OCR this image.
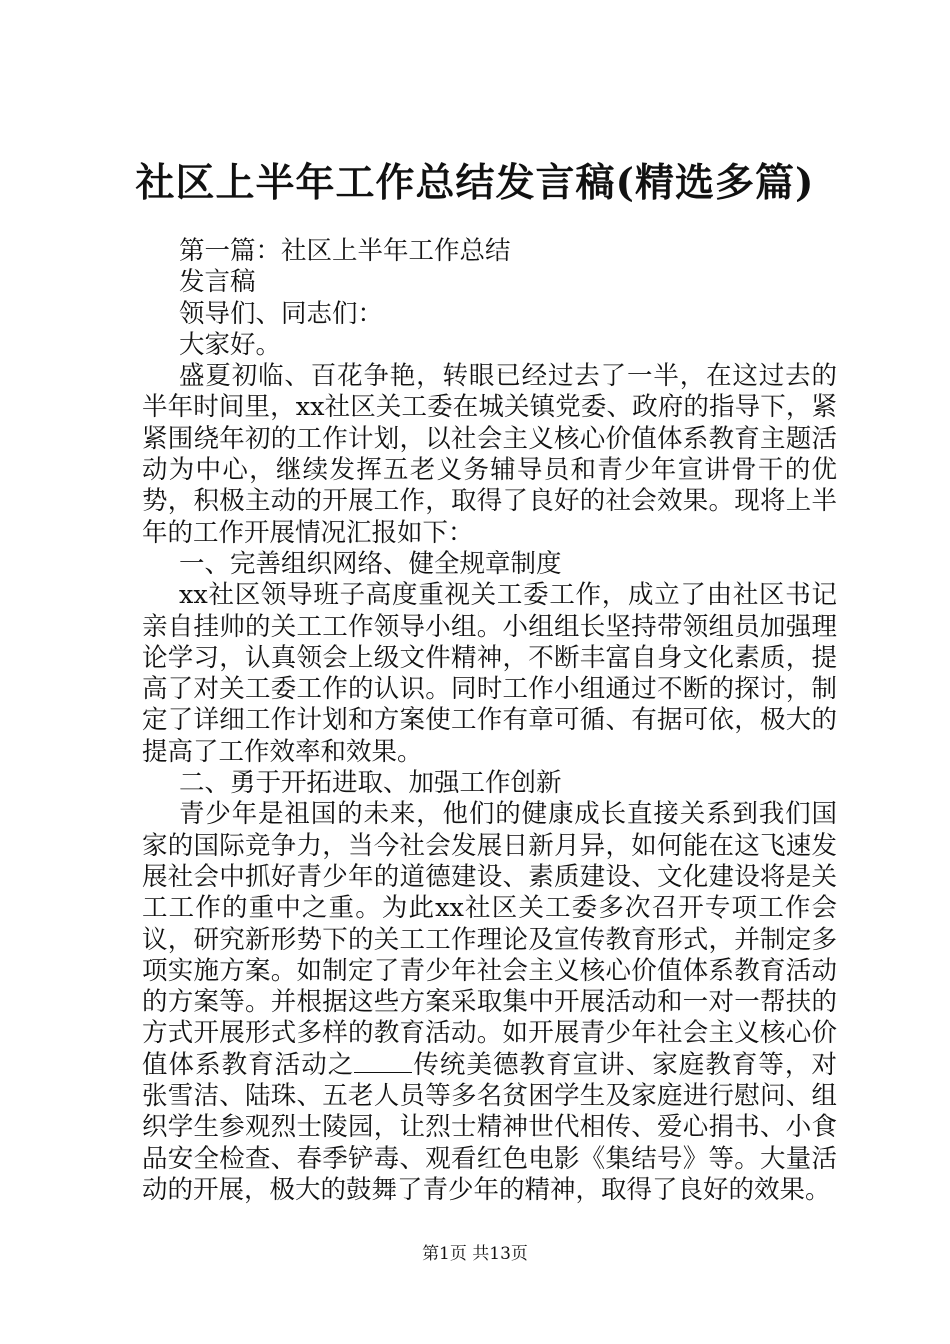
社区上半年工作总结发言稿(精选多篇)

第一篇：社区上半年工作总结

发言稿

领导们、同志们：

大家好。

盛夏初临、百花争艳，转眼已经过去了一半，在这过去的半年时间里，xx社区关工委在城关镇党委、政府的指导下，紧紧围绕年初的工作计划，以社会主义核心价值体系教育主题活动为中心，继续发挥五老义务辅导员和青少年宣讲骨干的优势，积极主动的开展工作，取得了良好的社会效果。现将上半年的工作开展情况汇报如下：

一、完善组织网络、健全规章制度

xx社区领导班子高度重视关工委工作，成立了由社区书记亲自挂帅的关工工作领导小组。小组组长坚持带领组员加强理论学习，认真领会上级文件精神，不断丰富自身文化素质，提高了对关工委工作的认识。同时工作小组通过不断的探讨，制定了详细工作计划和方案使工作有章可循、有据可依，极大的提高了工作效率和效果。

二、勇于开拓进取、加强工作创新

青少年是祖国的未来，他们的健康成长直接关系到我们国家的国际竞争力，当今社会发展日新月异，如何能在这飞速发展社会中抓好青少年的道德建设、素质建设、文化建设将是关工工作的重中之重。为此xx社区关工委多次召开专项工作会议，研究新形势下的关工工作理论及宣传教育形式，并制定多项实施方案。如制定了青少年社会主义核心价值体系教育活动的方案等。并根据这些方案采取集中开展活动和一对一帮扶的方式开展形式多样的教育活动。如开展青少年社会主义核心价值体系教育活动之 传统美德教育宣讲、家庭教育等，对张雪洁、陆珠、五老人员等多名贫困学生及家庭进行慰问、组织学生参观烈士陵园，让烈士精神世代相传、爱心捐书、小食品安全检查、春季铲毒、观看红色电影《集结号》等。大量活动的开展，极大的鼓舞了青少年的精神，取得了良好的效果。

第1页 共13页
